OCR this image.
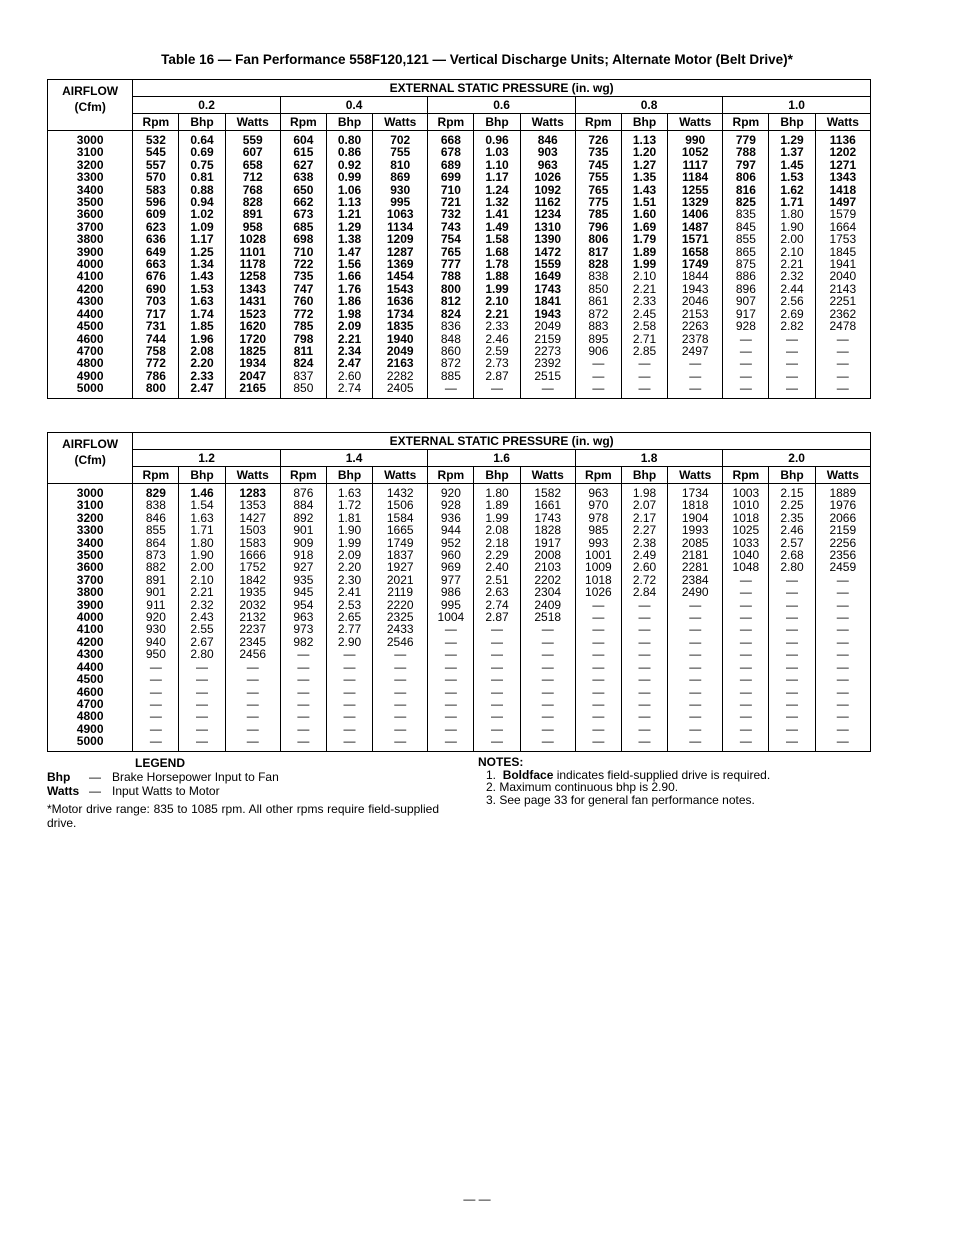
Table 16 — Fan Performance 558F120,121 — Vertical Discharge Units; Alternate Motor (Belt Drive)*
AIRFLOW
(Cfm)	EXTERNAL STATIC PRESSURE (in. wg)														
	0.2			0.4			0.6			0.8			1.0		
	Rpm	Bhp	Watts	Rpm	Bhp	Watts	Rpm	Bhp	Watts	Rpm	Bhp	Watts	Rpm	Bhp	Watts
3000	532	0.64	559	604	0.80	702	668	0.96	846	726	1.13	990	779	1.29	1136
3100	545	0.69	607	615	0.86	755	678	1.03	903	735	1.20	1052	788	1.37	1202
3200	557	0.75	658	627	0.92	810	689	1.10	963	745	1.27	1117	797	1.45	1271
3300	570	0.81	712	638	0.99	869	699	1.17	1026	755	1.35	1184	806	1.53	1343
3400	583	0.88	768	650	1.06	930	710	1.24	1092	765	1.43	1255	816	1.62	1418
3500	596	0.94	828	662	1.13	995	721	1.32	1162	775	1.51	1329	825	1.71	1497
3600	609	1.02	891	673	1.21	1063	732	1.41	1234	785	1.60	1406	835	1.80	1579
3700	623	1.09	958	685	1.29	1134	743	1.49	1310	796	1.69	1487	845	1.90	1664
3800	636	1.17	1028	698	1.38	1209	754	1.58	1390	806	1.79	1571	855	2.00	1753
3900	649	1.25	1101	710	1.47	1287	765	1.68	1472	817	1.89	1658	865	2.10	1845
4000	663	1.34	1178	722	1.56	1369	777	1.78	1559	828	1.99	1749	875	2.21	1941
4100	676	1.43	1258	735	1.66	1454	788	1.88	1649	838	2.10	1844	886	2.32	2040
4200	690	1.53	1343	747	1.76	1543	800	1.99	1743	850	2.21	1943	896	2.44	2143
4300	703	1.63	1431	760	1.86	1636	812	2.10	1841	861	2.33	2046	907	2.56	2251
4400	717	1.74	1523	772	1.98	1734	824	2.21	1943	872	2.45	2153	917	2.69	2362
4500	731	1.85	1620	785	2.09	1835	836	2.33	2049	883	2.58	2263	928	2.82	2478
4600	744	1.96	1720	798	2.21	1940	848	2.46	2159	895	2.71	2378	—	—	—
4700	758	2.08	1825	811	2.34	2049	860	2.59	2273	906	2.85	2497	—	—	—
4800	772	2.20	1934	824	2.47	2163	872	2.73	2392	—	—	—	—	—	—
4900	786	2.33	2047	837	2.60	2282	885	2.87	2515	—	—	—	—	—	—
5000	800	2.47	2165	850	2.74	2405	—	—	—	—	—	—	—	—	—
AIRFLOW
(Cfm)	EXTERNAL STATIC PRESSURE (in. wg)														
	1.2			1.4			1.6			1.8			2.0		
	Rpm	Bhp	Watts	Rpm	Bhp	Watts	Rpm	Bhp	Watts	Rpm	Bhp	Watts	Rpm	Bhp	Watts
3000	829	1.46	1283	876	1.63	1432	920	1.80	1582	963	1.98	1734	1003	2.15	1889
3100	838	1.54	1353	884	1.72	1506	928	1.89	1661	970	2.07	1818	1010	2.25	1976
3200	846	1.63	1427	892	1.81	1584	936	1.99	1743	978	2.17	1904	1018	2.35	2066
3300	855	1.71	1503	901	1.90	1665	944	2.08	1828	985	2.27	1993	1025	2.46	2159
3400	864	1.80	1583	909	1.99	1749	952	2.18	1917	993	2.38	2085	1033	2.57	2256
3500	873	1.90	1666	918	2.09	1837	960	2.29	2008	1001	2.49	2181	1040	2.68	2356
3600	882	2.00	1752	927	2.20	1927	969	2.40	2103	1009	2.60	2281	1048	2.80	2459
3700	891	2.10	1842	935	2.30	2021	977	2.51	2202	1018	2.72	2384	—	—	—
3800	901	2.21	1935	945	2.41	2119	986	2.63	2304	1026	2.84	2490	—	—	—
3900	911	2.32	2032	954	2.53	2220	995	2.74	2409	—	—	—	—	—	—
4000	920	2.43	2132	963	2.65	2325	1004	2.87	2518	—	—	—	—	—	—
4100	930	2.55	2237	973	2.77	2433	—	—	—	—	—	—	—	—	—
4200	940	2.67	2345	982	2.90	2546	—	—	—	—	—	—	—	—	—
4300	950	2.80	2456	—	—	—	—	—	—	—	—	—	—	—	—
4400	—	—	—	—	—	—	—	—	—	—	—	—	—	—	—
4500	—	—	—	—	—	—	—	—	—	—	—	—	—	—	—
4600	—	—	—	—	—	—	—	—	—	—	—	—	—	—	—
4700	—	—	—	—	—	—	—	—	—	—	—	—	—	—	—
4800	—	—	—	—	—	—	—	—	—	—	—	—	—	—	—
4900	—	—	—	—	—	—	—	—	—	—	—	—	—	—	—
5000	—	—	—	—	—	—	—	—	—	—	—	—	—	—	—
LEGEND
Bhp	— Brake Horsepower Input to Fan
Watts — Input Watts to Motor
*Motor drive range: 835 to 1085 rpm. All other rpms require field-supplied drive.
NOTES:
1. Boldface indicates field-supplied drive is required.
2. Maximum continuous bhp is 2.90.
3. See page 33 for general fan performance notes.
— —
